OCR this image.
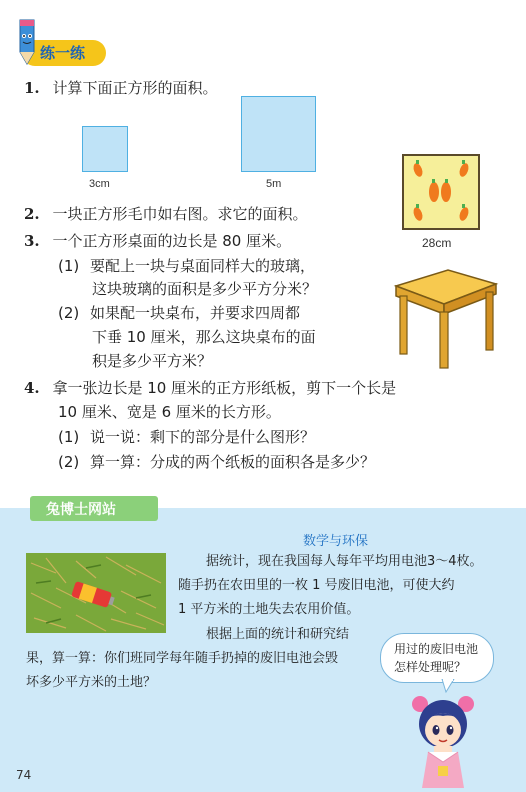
练一练
1. 计算下面正方形的面积。
3cm	5m
28cm
2. 一块正方形毛巾如右图。求它的面积。
3. 一个正方形桌面的边长是 80 厘米。
(1) 要配上一块与桌面同样大的玻璃，
这块玻璃的面积是多少平方分米？
(2) 如果配一块桌布，并要求四周都
下垂 10 厘米，那么这块桌布的面
积是多少平方米？
4. 拿一张边长是 10 厘米的正方形纸板，剪下一个长是
10 厘米、宽是 6 厘米的长方形。
(1) 说一说：剩下的部分是什么图形？
(2) 算一算：分成的两个纸板的面积各是多少？
兔博士网站
数学与环保
据统计，现在我国每人每年平均用电池3～4枚。
随手扔在农田里的一枚 1 号废旧电池，可使大约
1 平方米的土地失去农用价值。
根据上面的统计和研究结
果，算一算：你们班同学每年随手扔掉的废旧电池会毁
坏多少平方米的土地？
用过的废旧电池
怎样处理呢？
74
